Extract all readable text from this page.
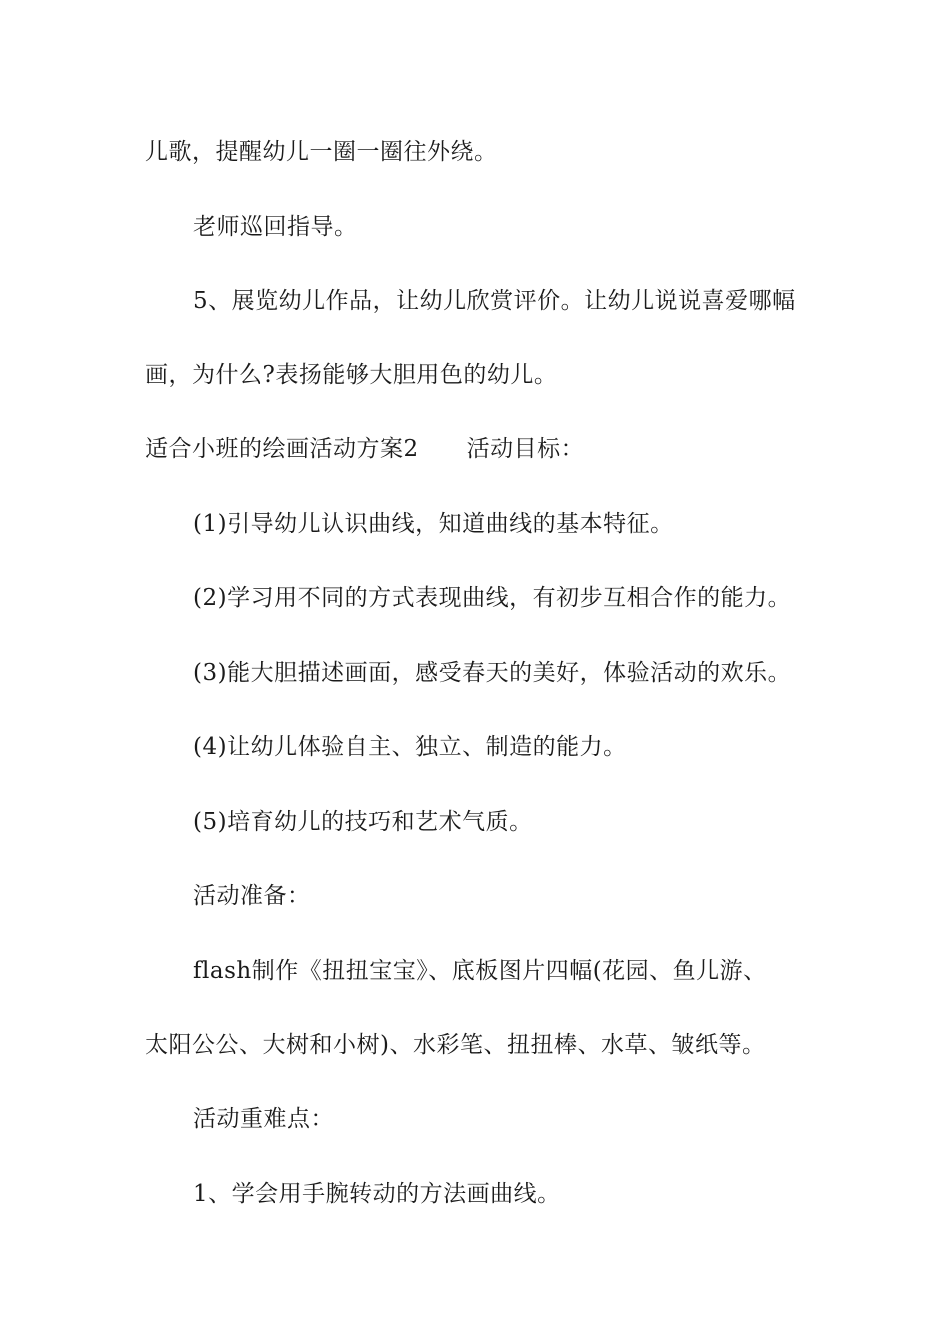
儿歌，提醒幼儿一圈一圈往外绕。
老师巡回指导。
5、展览幼儿作品，让幼儿欣赏评价。让幼儿说说喜爱哪幅
画，为什么?表扬能够大胆用色的幼儿。
适合小班的绘画活动方案2 活动目标：
(1)引导幼儿认识曲线，知道曲线的基本特征。
(2)学习用不同的方式表现曲线，有初步互相合作的能力。
(3)能大胆描述画面，感受春天的美好，体验活动的欢乐。
(4)让幼儿体验自主、独立、制造的能力。
(5)培育幼儿的技巧和艺术气质。
活动准备：
flash制作《扭扭宝宝》、底板图片四幅(花园、鱼儿游、
太阳公公、大树和小树)、水彩笔、扭扭棒、水草、皱纸等。
活动重难点：
1、学会用手腕转动的方法画曲线。
